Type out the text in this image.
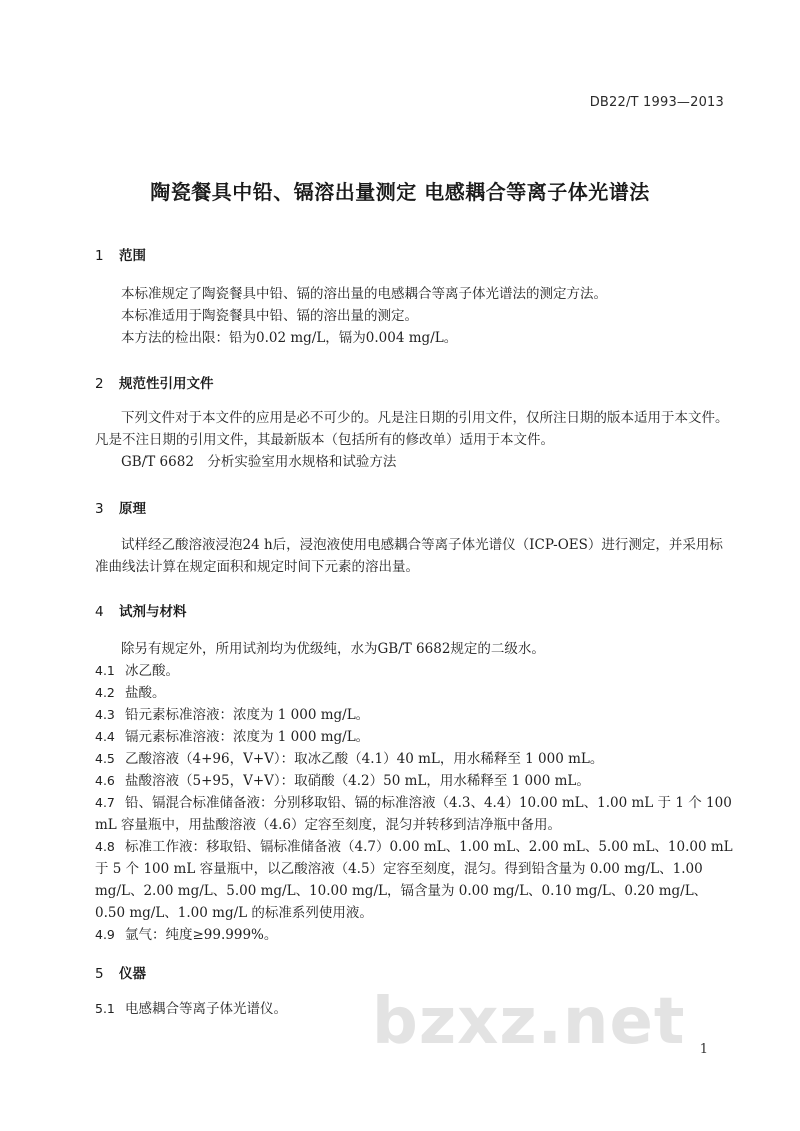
DB22/T 1993—2013
陶瓷餐具中铅、镉溶出量测定 电感耦合等离子体光谱法
1 范围
本标准规定了陶瓷餐具中铅、镉的溶出量的电感耦合等离子体光谱法的测定方法。
本标准适用于陶瓷餐具中铅、镉的溶出量的测定。
本方法的检出限：铅为0.02 mg/L，镉为0.004 mg/L。
2 规范性引用文件
下列文件对于本文件的应用是必不可少的。凡是注日期的引用文件，仅所注日期的版本适用于本文件。凡是不注日期的引用文件，其最新版本（包括所有的修改单）适用于本文件。
GB/T 6682　分析实验室用水规格和试验方法
3 原理
试样经乙酸溶液浸泡24 h后，浸泡液使用电感耦合等离子体光谱仪（ICP-OES）进行测定，并采用标准曲线法计算在规定面积和规定时间下元素的溶出量。
4 试剂与材料
除另有规定外，所用试剂均为优级纯，水为GB/T 6682规定的二级水。
4.1 冰乙酸。
4.2 盐酸。
4.3 铅元素标准溶液：浓度为 1 000 mg/L。
4.4 镉元素标准溶液：浓度为 1 000 mg/L。
4.5 乙酸溶液（4+96，V+V）：取冰乙酸（4.1）40 mL，用水稀释至 1 000 mL。
4.6 盐酸溶液（5+95，V+V）：取硝酸（4.2）50 mL，用水稀释至 1 000 mL。
4.7 铅、镉混合标准储备液：分别移取铅、镉的标准溶液（4.3、4.4）10.00 mL、1.00 mL 于 1 个 100 mL 容量瓶中，用盐酸溶液（4.6）定容至刻度，混匀并转移到洁净瓶中备用。
4.8 标准工作液：移取铅、镉标准储备液（4.7）0.00 mL、1.00 mL、2.00 mL、5.00 mL、10.00 mL 于 5 个 100 mL 容量瓶中，以乙酸溶液（4.5）定容至刻度，混匀。得到铅含量为 0.00 mg/L、1.00 mg/L、2.00 mg/L、5.00 mg/L、10.00 mg/L，镉含量为 0.00 mg/L、0.10 mg/L、0.20 mg/L、0.50 mg/L、1.00 mg/L 的标准系列使用液。
4.9 氩气：纯度≥99.999%。
5 仪器
5.1 电感耦合等离子体光谱仪。	bzxz.net 1
